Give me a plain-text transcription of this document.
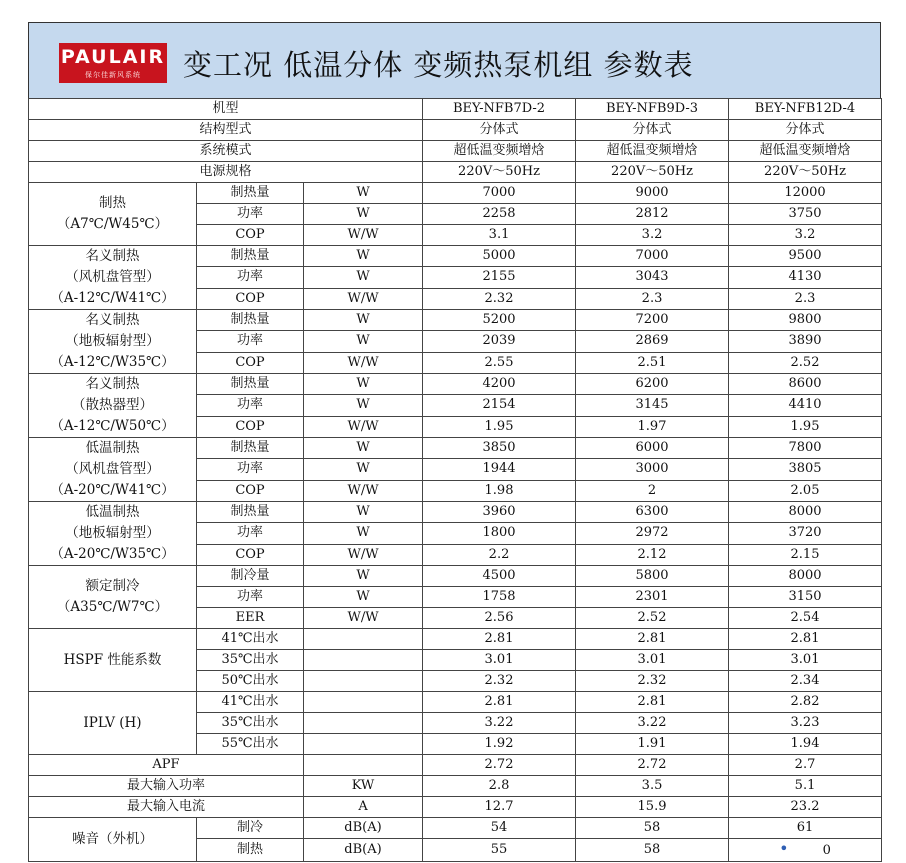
PAULAIR
保尔佳新风系统	变工况 低温分体 变频热泵机组 参数表
机型			BEY-NFB7D-2	BEY-NFB9D-3	BEY-NFB12D-4
结构型式			分体式	分体式	分体式
系统模式			超低温变频增焓	超低温变频增焓	超低温变频增焓
电源规格			220V～50Hz	220V～50Hz	220V～50Hz

制热
（A7℃/W45℃）	制热量	W	7000	9000	12000
	功率	W	2258	2812	3750
	COP	W/W	3.1	3.2	3.2

名义制热
（风机盘管型）
（A-12℃/W41℃）	制热量	W	5000	7000	9500
	功率	W	2155	3043	4130
	COP	W/W	2.32	2.3	2.3

名义制热
（地板辐射型）
（A-12℃/W35℃）	制热量	W	5200	7200	9800
	功率	W	2039	2869	3890
	COP	W/W	2.55	2.51	2.52

名义制热
（散热器型）
（A-12℃/W50℃）	制热量	W	4200	6200	8600
	功率	W	2154	3145	4410
	COP	W/W	1.95	1.97	1.95

低温制热
（风机盘管型）
（A-20℃/W41℃）	制热量	W	3850	6000	7800
	功率	W	1944	3000	3805
	COP	W/W	1.98	2	2.05

低温制热
（地板辐射型）
（A-20℃/W35℃）	制热量	W	3960	6300	8000
	功率	W	1800	2972	3720
	COP	W/W	2.2	2.12	2.15

额定制冷
（A35℃/W7℃）	制冷量	W	4500	5800	8000
	功率	W	1758	2301	3150
	EER	W/W	2.56	2.52	2.54

HSPF 性能系数	41℃出水		2.81	2.81	2.81
	35℃出水		3.01	3.01	3.01
	50℃出水		2.32	2.32	2.34

IPLV (H)	41℃出水		2.81	2.81	2.82
	35℃出水		3.22	3.22	3.23
	55℃出水		1.92	1.91	1.94
APF			2.72	2.72	2.7
最大输入功率		KW	2.8	3.5	5.1
最大输入电流		A	12.7	15.9	23.2
噪音（外机）	制冷	dB(A)	54	58	61
	制热	dB(A)	55	58	• 0
